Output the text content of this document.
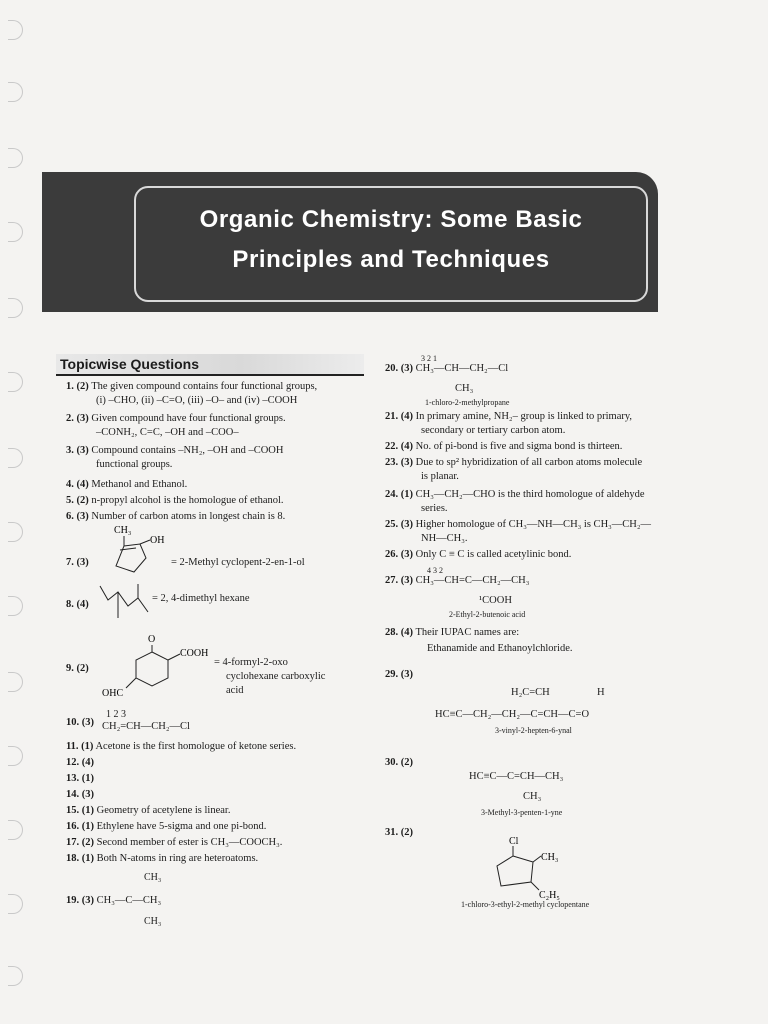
Organic Chemistry: Some Basic
Principles and Techniques
Topicwise Questions
1. (2) The given compound contains four functional groups,
(i) –CHO, (ii) –C=O, (iii) –O– and (iv) –COOH
2. (3) Given compound have four functional groups.
–CONH₂, C=C, –OH and –COO–
3. (3) Compound contains –NH₂, –OH and –COOH
functional groups.
4. (4) Methanol and Ethanol.
5. (2) n-propyl alcohol is the homologue of ethanol.
6. (3) Number of carbon atoms in longest chain is 8.
7. (3)
CH₃
OH
= 2-Methyl cyclopent-2-en-1-ol
8. (4)
= 2, 4-dimethyl hexane
9. (2)
O
COOH
OHC
= 4-formyl-2-oxo
cyclohexane carboxylic
acid
10. (3)
1 2 3
CH₂=CH—CH₂—Cl
11. (1) Acetone is the first homologue of ketone series.
12. (4)
13. (1)
14. (3)
15. (1) Geometry of acetylene is linear.
16. (1) Ethylene have 5-sigma and one pi-bond.
17. (2) Second member of ester is CH₃—COOCH₃.
18. (1) Both N-atoms in ring are heteroatoms.
CH₃
19. (3) CH₃—C—CH₃
CH₃
3 2 1
20. (3) CH₃—CH—CH₂—Cl
CH₃
1-chloro-2-methylpropane
21. (4) In primary amine, NH₂– group is linked to primary,
secondary or tertiary carbon atom.
22. (4) No. of pi-bond is five and sigma bond is thirteen.
23. (3) Due to sp² hybridization of all carbon atoms molecule
is planar.
24. (1) CH₃—CH₂—CHO is the third homologue of aldehyde
series.
25. (3) Higher homologue of CH₃—NH—CH₃ is CH₃—CH₂—
NH—CH₃.
26. (3) Only C ≡ C is called acetylinic bond.
4 3 2
27. (3) CH₃—CH=C—CH₂—CH₃
¹COOH
2-Ethyl-2-butenoic acid
28. (4) Their IUPAC names are:
Ethanamide and Ethanoylchloride.
29. (3)
H₂C=CH	H
HC≡C—CH₂—CH₂—C=CH—C=O
3-vinyl-2-hepten-6-ynal
30. (2)
HC≡C—C=CH—CH₃
CH₃
3-Methyl-3-penten-1-yne
31. (2)
Cl
CH₃
C₂H₅
1-chloro-3-ethyl-2-methyl cyclopentane
